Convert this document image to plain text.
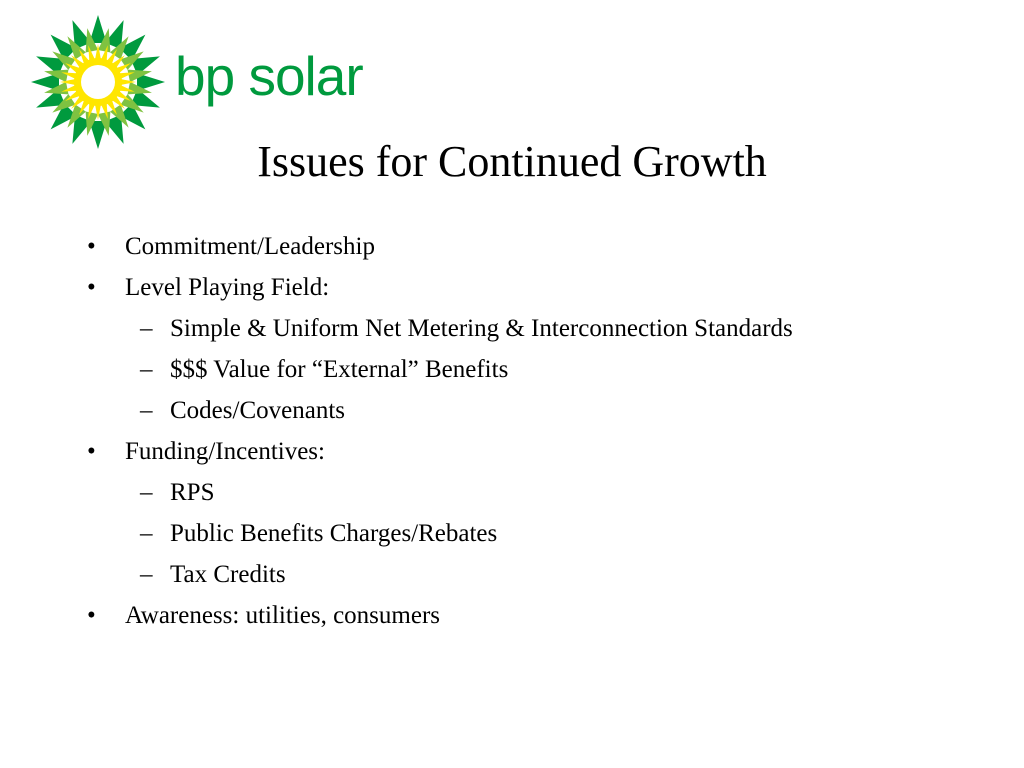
bp solar
Issues for Continued Growth
• Commitment/Leadership
• Level Playing Field:
– Simple & Uniform Net Metering & Interconnection Standards
– $$$ Value for “External” Benefits
– Codes/Covenants
• Funding/Incentives:
– RPS
– Public Benefits Charges/Rebates
– Tax Credits
• Awareness: utilities, consumers
